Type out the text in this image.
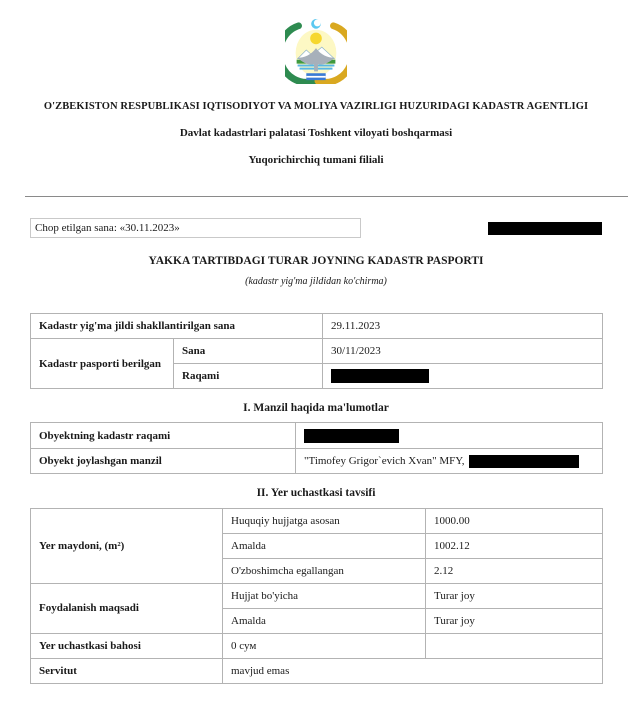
O'ZBEKISTON RESPUBLIKASI IQTISODIYOT VA MOLIYA VAZIRLIGI HUZURIDAGI KADASTR AGENTLIGI
Davlat kadastrlari palatasi Toshkent viloyati boshqarmasi
Yuqorichirchiq tumani filiali
Chop etilgan sana: «30.11.2023»
YAKKA TARTIBDAGI TURAR JOYNING KADASTR PASPORTI
(kadastr yig'ma jildidan ko'chirma)
Kadastr yig'ma jildi shakllantirilgan sana		29.11.2023
Kadastr pasporti berilgan	Sana	30/11/2023
	Raqami	
I. Manzil haqida ma'lumotlar
Obyektning kadastr raqami	
Obyekt joylashgan manzil	"Timofey Grigor`evich Xvan" MFY,
II. Yer uchastkasi tavsifi
Yer maydoni, (m²)	Huquqiy hujjatga asosan	1000.00
	Amalda	1002.12
	O'zboshimcha egallangan	2.12
Foydalanish maqsadi	Hujjat bo'yicha	Turar joy
	Amalda	Turar joy
Yer uchastkasi bahosi	0 сум	
Servitut	mavjud emas	
